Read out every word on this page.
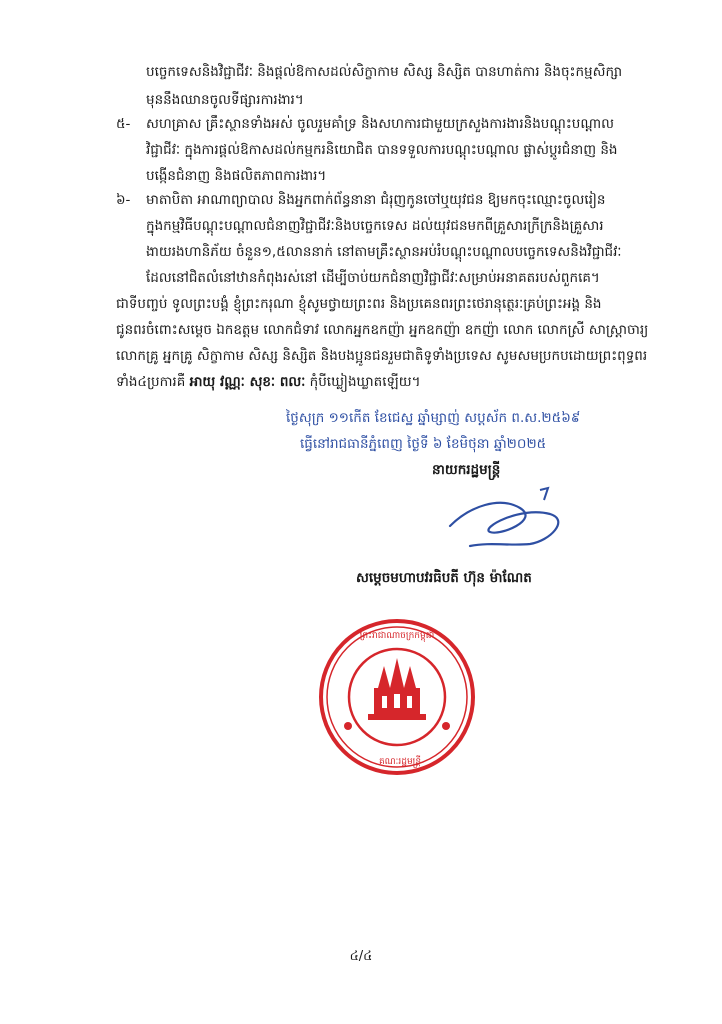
បច្ចេកទេសនិងវិជ្ជាជីវៈ និងផ្តល់ឱកាសដល់សិក្ខាកាម សិស្ស និស្សិត បានហាត់ការ និងចុះកម្មសិក្សា
មុននឹងឈានចូលទីផ្សារការងារ។
៥- សហគ្រាស គ្រឹះស្ថានទាំងអស់ ចូលរួមគាំទ្រ និងសហការជាមួយក្រសួងការងារនិងបណ្តុះបណ្តាល
វិជ្ជាជីវៈ ក្នុងការផ្តល់ឱកាសដល់កម្មករនិយោជិត បានទទួលការបណ្តុះបណ្តាល ផ្លាស់ប្តូរជំនាញ និង
បង្កើនជំនាញ និងផលិតភាពការងារ។
៦- មាតាបិតា អាណាព្យាបាល និងអ្នកពាក់ព័ន្ធនានា ជំរុញកូនចៅឬយុវជន ឱ្យមកចុះឈ្មោះចូលរៀន
ក្នុងកម្មវិធីបណ្តុះបណ្តាលជំនាញវិជ្ជាជីវៈនិងបច្ចេកទេស ដល់យុវជនមកពីគ្រួសារក្រីក្រនិងគ្រួសារ
ងាយរងហានិភ័យ ចំនួន១,៥លាននាក់ នៅតាមគ្រឹះស្ថានអប់រំបណ្តុះបណ្តាលបច្ចេកទេសនិងវិជ្ជាជីវៈ
ដែលនៅជិតលំនៅឋានកំពុងរស់នៅ ដើម្បីចាប់យកជំនាញវិជ្ជាជីវៈសម្រាប់អនាគតរបស់ពួកគេ។
ជាទីបញ្ចប់ ទូលព្រះបង្គំ ខ្ញុំព្រះករុណា ខ្ញុំសូមថ្វាយព្រះពរ និងប្រគេនពរព្រះថេរានុត្ថេរៈគ្រប់ព្រះអង្គ និង
ជូនពរចំពោះសម្តេច ឯកឧត្តម លោកជំទាវ លោកអ្នកឧកញ៉ា អ្នកឧកញ៉ា ឧកញ៉ា លោក លោកស្រី សាស្ត្រាចារ្យ
លោកគ្រូ អ្នកគ្រូ សិក្ខាកាម សិស្ស និស្សិត និងបងប្អូនជនរួមជាតិទូទាំងប្រទេស សូមសមប្រកបដោយព្រះពុទ្ធពរ
ទាំង៤ប្រការគឺ អាយុ វណ្ណៈ សុខៈ ពលៈ កុំបីឃ្លៀងឃ្លាតឡើយ។
ថ្ងៃសុក្រ ១១កើត ខែជេស្ឋ ឆ្នាំម្សាញ់ សប្តស័ក ព.ស.២៥៦៩
ធ្វើនៅរាជធានីភ្នំពេញ ថ្ងៃទី ៦ ខែមិថុនា ឆ្នាំ២០២៥
នាយករដ្ឋមន្ត្រី
ព្រះរាជាណាចក្រកម្ពុជា
គណៈរដ្ឋមន្ត្រី
សម្តេចមហាបវរធិបតី ហ៊ុន ម៉ាណែត
៤/៤
